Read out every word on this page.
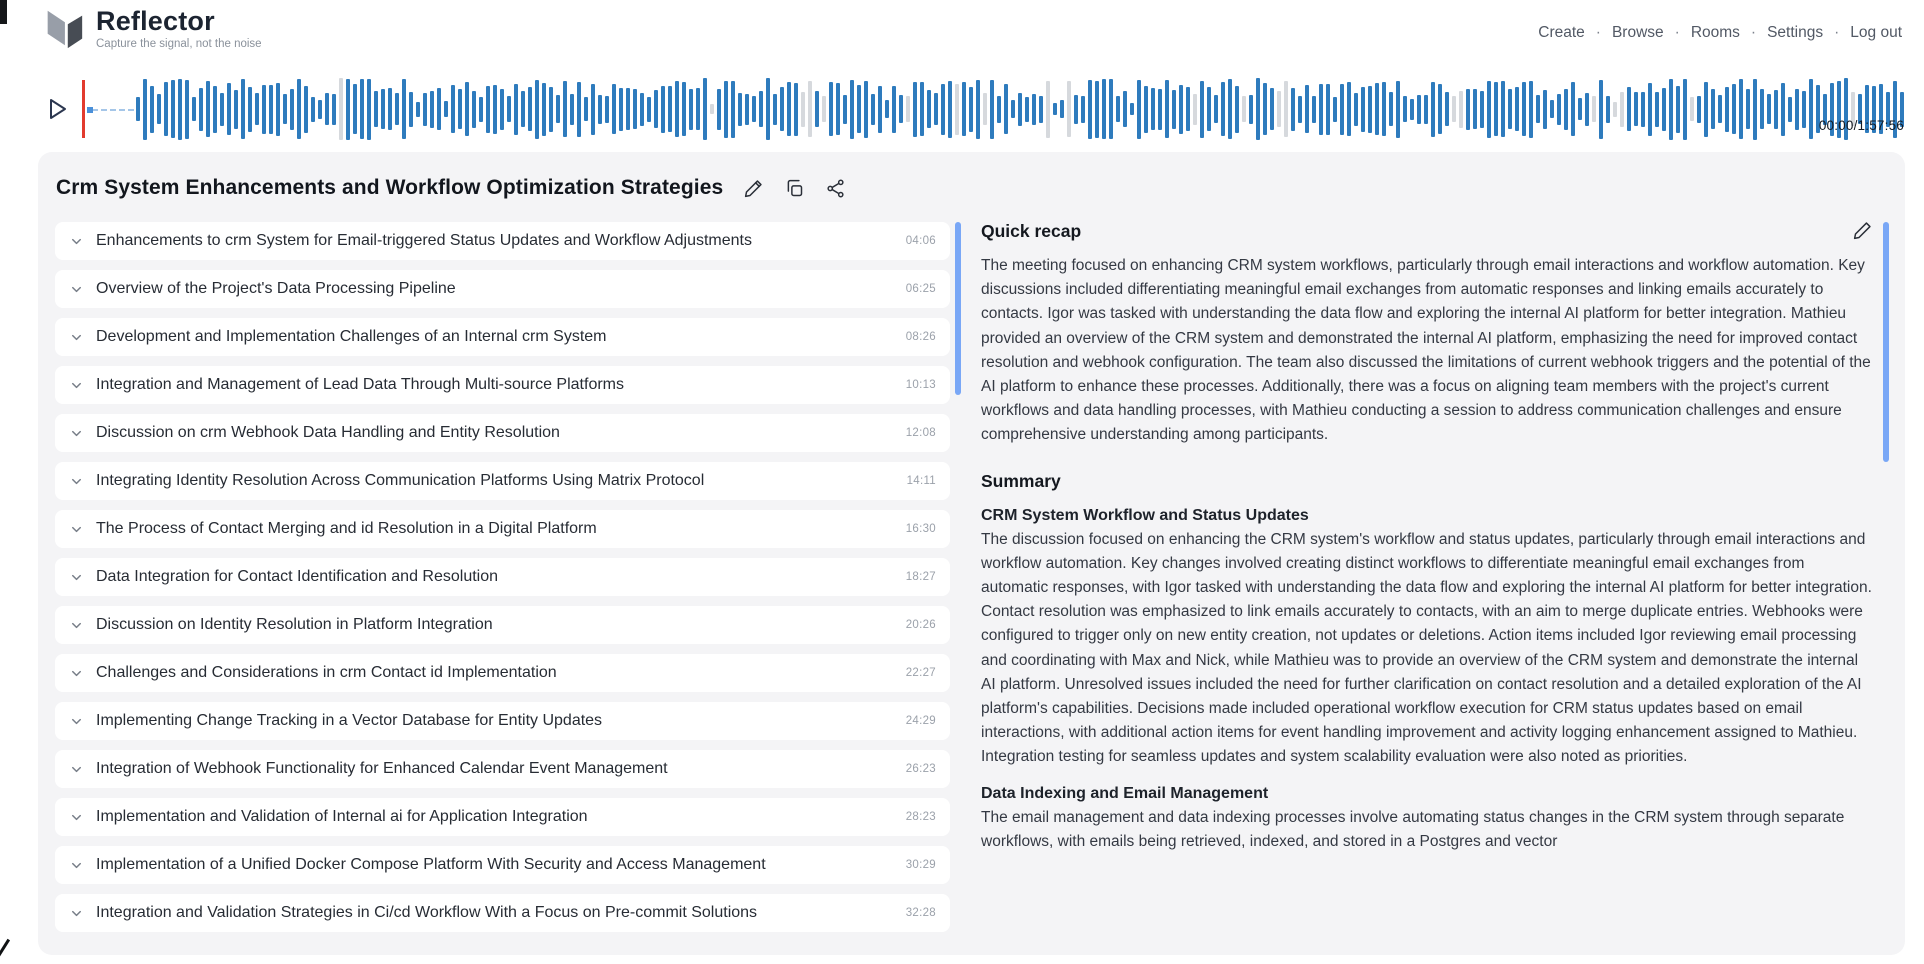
Reflector
Capture the signal, not the noise
Create · Browse · Rooms · Settings · Log out
00:00/1:57:56
Crm System Enhancements and Workflow Optimization Strategies
Enhancements to crm System for Email-triggered Status Updates and Workflow Adjustments	04:06
Overview of the Project's Data Processing Pipeline	06:25
Development and Implementation Challenges of an Internal crm System	08:26
Integration and Management of Lead Data Through Multi-source Platforms	10:13
Discussion on crm Webhook Data Handling and Entity Resolution	12:08
Integrating Identity Resolution Across Communication Platforms Using Matrix Protocol	14:11
The Process of Contact Merging and id Resolution in a Digital Platform	16:30
Data Integration for Contact Identification and Resolution	18:27
Discussion on Identity Resolution in Platform Integration	20:26
Challenges and Considerations in crm Contact id Implementation	22:27
Implementing Change Tracking in a Vector Database for Entity Updates	24:29
Integration of Webhook Functionality for Enhanced Calendar Event Management	26:23
Implementation and Validation of Internal ai for Application Integration	28:23
Implementation of a Unified Docker Compose Platform With Security and Access Management	30:29
Integration and Validation Strategies in Ci/cd Workflow With a Focus on Pre-commit Solutions	32:28
Quick recap

The meeting focused on enhancing CRM system workflows, particularly through email interactions and workflow automation. Key discussions included differentiating meaningful email exchanges from automatic responses and linking emails accurately to contacts. Igor was tasked with understanding the data flow and exploring the internal AI platform for better integration. Mathieu provided an overview of the CRM system and demonstrated the internal AI platform, emphasizing the need for improved contact resolution and webhook configuration. The team also discussed the limitations of current webhook triggers and the potential of the AI platform to enhance these processes. Additionally, there was a focus on aligning team members with the project's current workflows and data handling processes, with Mathieu conducting a session to address communication challenges and ensure comprehensive understanding among participants.

Summary
CRM System Workflow and Status Updates

The discussion focused on enhancing the CRM system's workflow and status updates, particularly through email interactions and workflow automation. Key changes involved creating distinct workflows to differentiate meaningful email exchanges from automatic responses, with Igor tasked with understanding the data flow and exploring the internal AI platform for better integration. Contact resolution was emphasized to link emails accurately to contacts, with an aim to merge duplicate entries. Webhooks were configured to trigger only on new entity creation, not updates or deletions. Action items included Igor reviewing email processing and coordinating with Max and Nick, while Mathieu was to provide an overview of the CRM system and demonstrate the internal AI platform. Unresolved issues included the need for further clarification on contact resolution and a detailed exploration of the AI platform's capabilities. Decisions made included operational workflow execution for CRM status updates based on email interactions, with additional action items for event handling improvement and activity logging enhancement assigned to Mathieu. Integration testing for seamless updates and system scalability evaluation were also noted as priorities.

Data Indexing and Email Management

The email management and data indexing processes involve automating status changes in the CRM system through separate workflows, with emails being retrieved, indexed, and stored in a Postgres and vector
